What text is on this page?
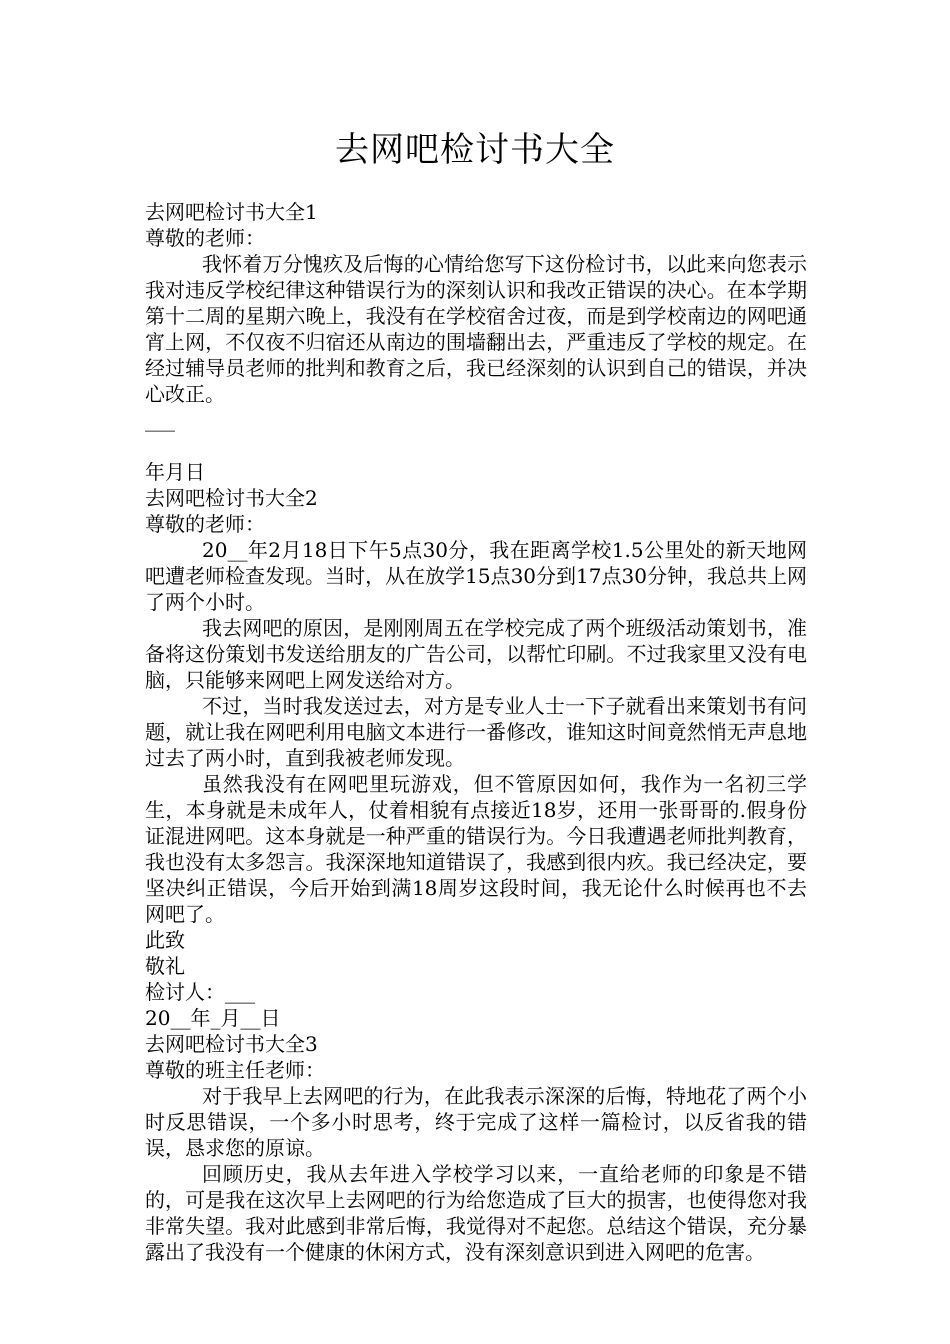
去网吧检讨书大全

去网吧检讨书大全1

尊敬的老师：

我怀着万分愧疚及后悔的心情给您写下这份检讨书，以此来向您表示我对违反学校纪律这种错误行为的深刻认识和我改正错误的决心。在本学期第十二周的星期六晚上，我没有在学校宿舍过夜，而是到学校南边的网吧通宵上网，不仅夜不归宿还从南边的围墙翻出去，严重违反了学校的规定。在经过辅导员老师的批判和教育之后，我已经深刻的认识到自己的错误，并决心改正。

___

年月日

去网吧检讨书大全2

尊敬的老师：

20__年2月18日下午5点30分，我在距离学校1.5公里处的新天地网吧遭老师检查发现。当时，从在放学15点30分到17点30分钟，我总共上网了两个小时。

我去网吧的原因，是刚刚周五在学校完成了两个班级活动策划书，准备将这份策划书发送给朋友的广告公司，以帮忙印刷。不过我家里又没有电脑，只能够来网吧上网发送给对方。

不过，当时我发送过去，对方是专业人士一下子就看出来策划书有问题，就让我在网吧利用电脑文本进行一番修改，谁知这时间竟然悄无声息地过去了两小时，直到我被老师发现。

虽然我没有在网吧里玩游戏，但不管原因如何，我作为一名初三学生，本身就是未成年人，仗着相貌有点接近18岁，还用一张哥哥的.假身份证混进网吧。这本身就是一种严重的错误行为。今日我遭遇老师批判教育，我也没有太多怨言。我深深地知道错误了，我感到很内疚。我已经决定，要坚决纠正错误，今后开始到满18周岁这段时间，我无论什么时候再也不去网吧了。

此致

敬礼

检讨人：___

20__年_月__日

去网吧检讨书大全3

尊敬的班主任老师：

对于我早上去网吧的行为，在此我表示深深的后悔，特地花了两个小时反思错误，一个多小时思考，终于完成了这样一篇检讨，以反省我的错误，恳求您的原谅。

回顾历史，我从去年进入学校学习以来，一直给老师的印象是不错的，可是我在这次早上去网吧的行为给您造成了巨大的损害，也使得您对我非常失望。我对此感到非常后悔，我觉得对不起您。总结这个错误，充分暴露出了我没有一个健康的休闲方式，没有深刻意识到进入网吧的危害。
